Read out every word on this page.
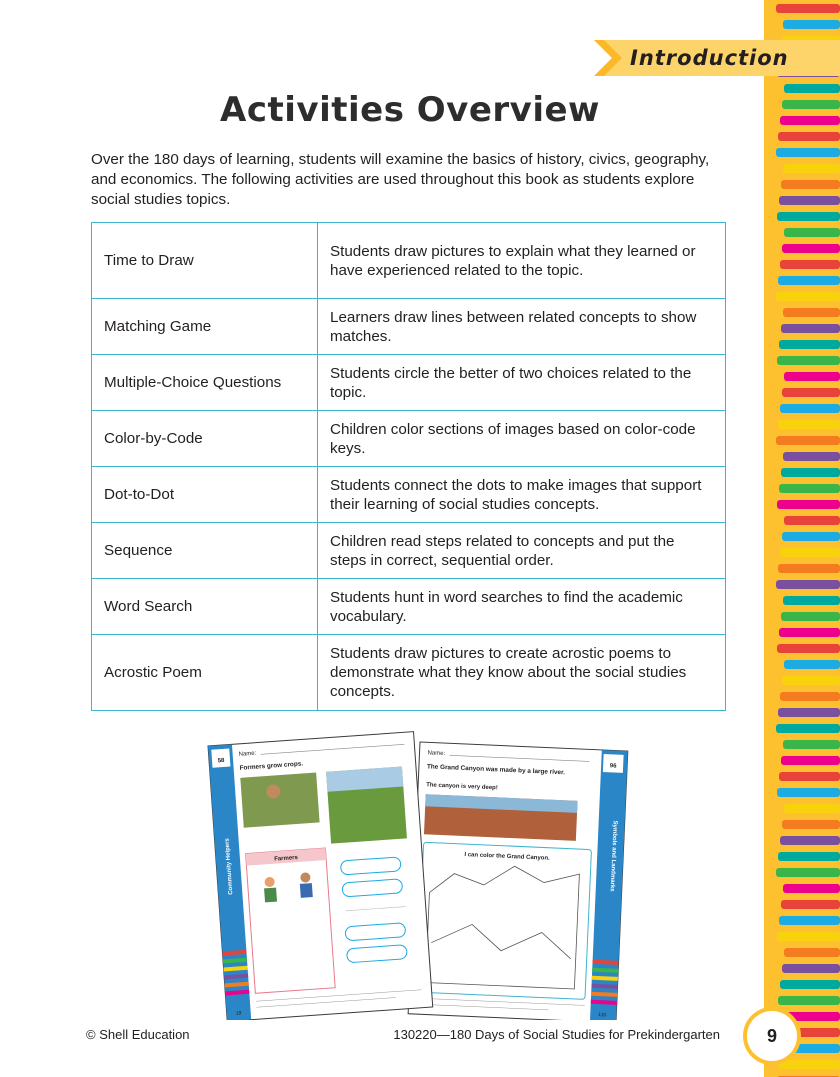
Introduction
Activities Overview

Over the 180 days of learning, students will examine the basics of history, civics, geography, and economics. The following activities are used throughout this book as students explore social studies topics.

Time to Draw	Students draw pictures to explain what they learned or have experienced related to the topic.
Matching Game	Learners draw lines between related concepts to show matches.
Multiple-Choice Questions	Students circle the better of two choices related to the topic.
Color-by-Code	Children color sections of images based on color-code keys.
Dot-to-Dot	Students connect the dots to make images that support their learning of social studies concepts.
Sequence	Children read steps related to concepts and put the steps in correct, sequential order.
Word Search	Students hunt in word searches to find the academic vocabulary.
Acrostic Poem	Students draw pictures to create acrostic poems to demonstrate what they know about the social studies concepts.
96
Symbols and Landmarks
Name:
The Grand Canyon was made by a large river.
The canyon is very deep!
I can color the Grand Canyon.
110
58
Community Helpers
Name:
Formers grow crops.
Farmers
19
© Shell Education	130220—180 Days of Social Studies for Prekindergarten	9
